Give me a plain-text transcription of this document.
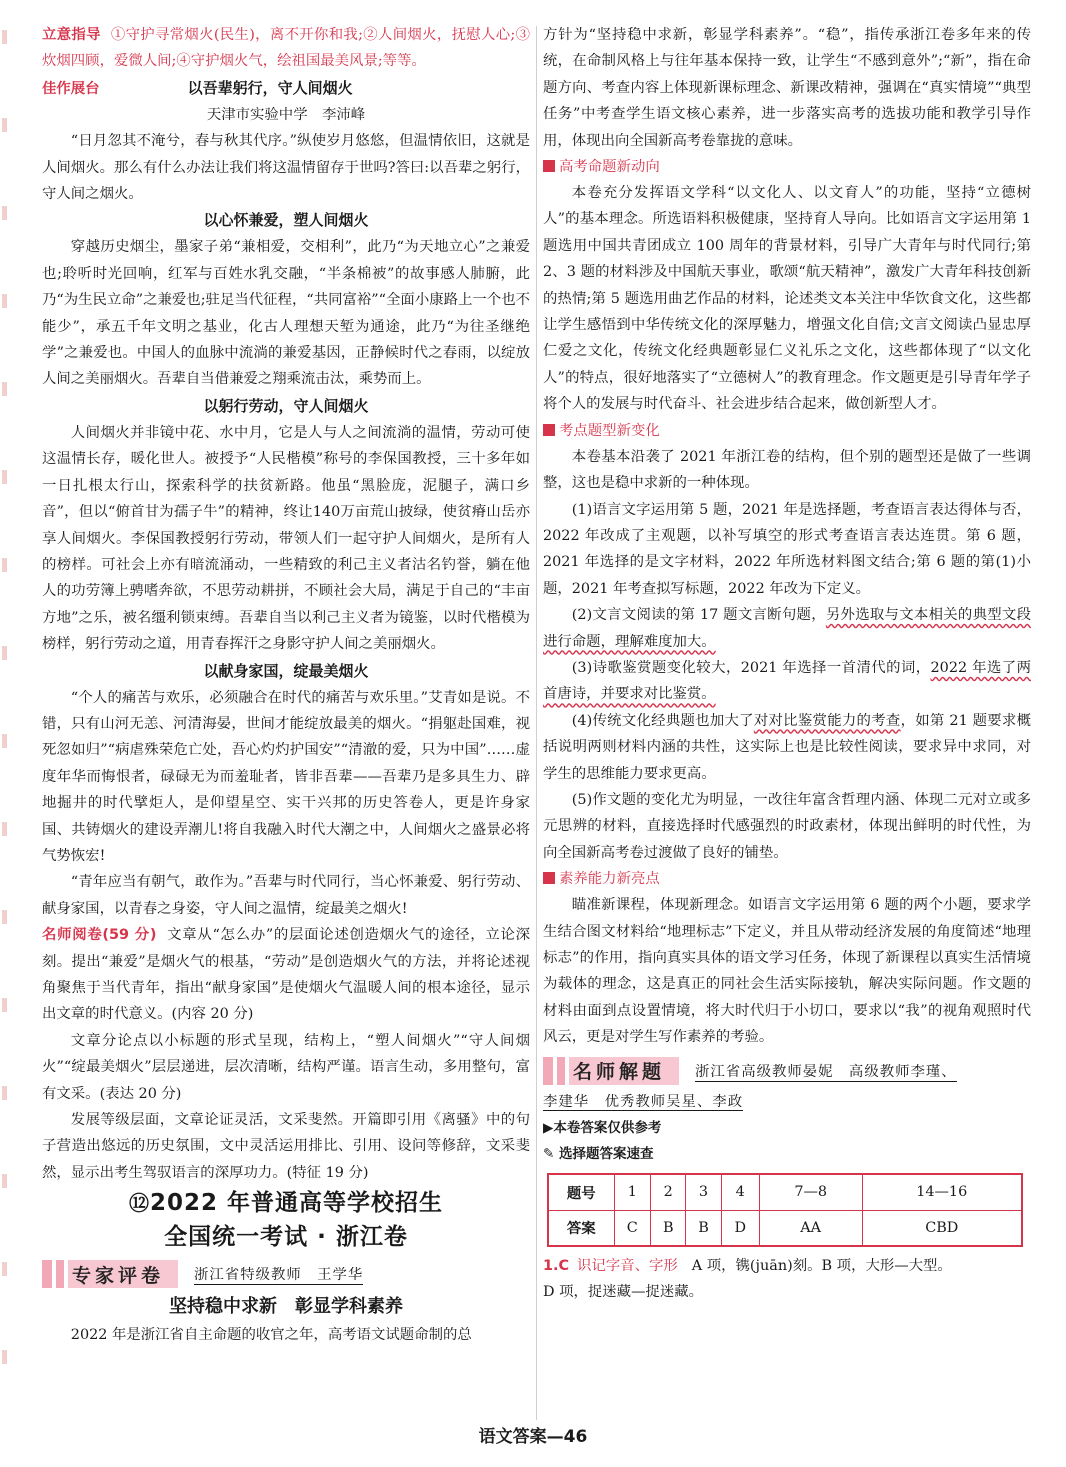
立意指导 ①守护寻常烟火(民生)，离不开你和我;②人间烟火，抚慰人心;③炊烟四顾，爱微人间;④守护烟火气，绘祖国最美风景;等等。

佳作展台	以吾辈躬行，守人间烟火

天津市实验中学　李沛峰

“日月忽其不淹兮，春与秋其代序。”纵使岁月悠悠，但温情依旧，这就是人间烟火。那么有什么办法让我们将这温情留存于世吗?答曰:以吾辈之躬行，守人间之烟火。

以心怀兼爱，塑人间烟火

穿越历史烟尘，墨家子弟“兼相爱，交相利”，此乃“为天地立心”之兼爱也;聆听时光回响，红军与百姓水乳交融，“半条棉被”的故事感人肺腑，此乃“为生民立命”之兼爱也;驻足当代征程，“共同富裕”“全面小康路上一个也不能少”，承五千年文明之基业，化古人理想天堑为通途，此乃“为往圣继绝学”之兼爱也。中国人的血脉中流淌的兼爱基因，正静候时代之春雨，以绽放人间之美丽烟火。吾辈自当借兼爱之翔乘流击汰，乘势而上。

以躬行劳动，守人间烟火

人间烟火并非镜中花、水中月，它是人与人之间流淌的温情，劳动可使这温情长存，暖化世人。被授予“人民楷模”称号的李保国教授，三十多年如一日扎根太行山，探索科学的扶贫新路。他虽“黑脸庞，泥腿子，满口乡音”，但以“俯首甘为孺子牛”的精神，终让140万亩荒山披绿，使贫瘠山岳亦享人间烟火。李保国教授躬行劳动，带领人们一起守护人间烟火，是所有人的榜样。可社会上亦有暗流涌动，一些精致的利己主义者沽名钓誉，躺在他人的功劳簿上骋嗜奔欲，不思劳动耕拼，不顾社会大局，满足于自己的“丰亩方地”之乐，被名缰利锁束缚。吾辈自当以利己主义者为镜鉴，以时代楷模为榜样，躬行劳动之道，用青春挥汗之身影守护人间之美丽烟火。

以献身家国，绽最美烟火

“个人的痛苦与欢乐，必须融合在时代的痛苦与欢乐里。”艾青如是说。不错，只有山河无恙、河清海晏，世间才能绽放最美的烟火。“捐躯赴国难，视死忽如归”“病虐殊荣危亡处，吾心灼灼护国安”“清澈的爱，只为中国”……虚度年华而悔恨者，碌碌无为而羞耻者，皆非吾辈——吾辈乃是多具生力、辟地掘井的时代擘炬人，是仰望星空、实干兴邦的历史答卷人，更是许身家国、共铸烟火的建设弄潮儿!将自我融入时代大潮之中，人间烟火之盛景必将气势恢宏!

“青年应当有朝气，敢作为。”吾辈与时代同行，当心怀兼爱、躬行劳动、献身家国，以青春之身姿，守人间之温情，绽最美之烟火!

名师阅卷(59 分) 文章从“怎么办”的层面论述创造烟火气的途径，立论深刻。提出“兼爱”是烟火气的根基，“劳动”是创造烟火气的方法，并将论述视角聚焦于当代青年，指出“献身家国”是使烟火气温暖人间的根本途径，显示出文章的时代意义。(内容 20 分)

文章分论点以小标题的形式呈现，结构上，“塑人间烟火”“守人间烟火”“绽最美烟火”层层递进，层次清晰，结构严谨。语言生动，多用整句，富有文采。(表达 20 分)

发展等级层面，文章论证灵活，文采斐然。开篇即引用《离骚》中的句子营造出悠远的历史氛围，文中灵活运用排比、引用、设问等修辞，文采斐然，显示出考生驾驭语言的深厚功力。(特征 19 分)

⑫2022 年普通高等学校招生
全国统一考试 · 浙江卷
专家评卷 浙江省特级教师　王学华

坚持稳中求新　彰显学科素养

2022 年是浙江省自主命题的收官之年，高考语文试题命制的总

方针为“坚持稳中求新，彰显学科素养”。“稳”，指传承浙江卷多年来的传统，在命制风格上与往年基本保持一致，让学生“不感到意外”;“新”，指在命题方向、考查内容上体现新课标理念、新课改精神，强调在“真实情境”“典型任务”中考查学生语文核心素养，进一步落实高考的选拔功能和教学引导作用，体现出向全国新高考卷靠拢的意味。

高考命题新动向

本卷充分发挥语文学科“以文化人、以文育人”的功能，坚持“立德树人”的基本理念。所选语料积极健康，坚持育人导向。比如语言文字运用第 1 题选用中国共青团成立 100 周年的背景材料，引导广大青年与时代同行;第 2、3 题的材料涉及中国航天事业，歌颂“航天精神”，激发广大青年科技创新的热情;第 5 题选用曲艺作品的材料，论述类文本关注中华饮食文化，这些都让学生感悟到中华传统文化的深厚魅力，增强文化自信;文言文阅读凸显忠厚仁爱之文化，传统文化经典题彰显仁义礼乐之文化，这些都体现了“以文化人”的特点，很好地落实了“立德树人”的教育理念。作文题更是引导青年学子将个人的发展与时代奋斗、社会进步结合起来，做创新型人才。

考点题型新变化

本卷基本沿袭了 2021 年浙江卷的结构，但个别的题型还是做了一些调整，这也是稳中求新的一种体现。

(1)语言文字运用第 5 题，2021 年是选择题，考查语言表达得体与否，2022 年改成了主观题，以补写填空的形式考查语言表达连贯。第 6 题，2021 年选择的是文字材料，2022 年所选材料图文结合;第 6 题的第(1)小题，2021 年考查拟写标题，2022 年改为下定义。

(2)文言文阅读的第 17 题文言断句题，另外选取与文本相关的典型文段进行命题，理解难度加大。

(3)诗歌鉴赏题变化较大，2021 年选择一首清代的词，2022 年选了两首唐诗，并要求对比鉴赏。

(4)传统文化经典题也加大了对对比鉴赏能力的考查，如第 21 题要求概括说明两则材料内涵的共性，这实际上也是比较性阅读，要求异中求同，对学生的思维能力要求更高。

(5)作文题的变化尤为明显，一改往年富含哲理内涵、体现二元对立或多元思辨的材料，直接选择时代感强烈的时政素材，体现出鲜明的时代性，为向全国新高考卷过渡做了良好的铺垫。

素养能力新亮点

瞄准新课程，体现新理念。如语言文字运用第 6 题的两个小题，要求学生结合图文材料给“地理标志”下定义，并且从带动经济发展的角度简述“地理标志”的作用，指向真实具体的语文学习任务，体现了新课程以真实生活情境为载体的理念，这是真正的同社会生活实际接轨，解决实际问题。作文题的材料由面到点设置情境，将大时代归于小切口，要求以“我”的视角观照时代风云，更是对学生写作素养的考验。

名师解题 浙江省高级教师晏妮　高级教师李瑾、

李建华　优秀教师吴星、李政

▶本卷答案仅供参考

✎ 选择题答案速查

题号	1	2	3	4	7—8	14—16
答案	C	B	B	D	AA	CBD

1.C 识记字音、字形 A 项，镌(juān)刻。B 项，大形—大型。

D 项，捉迷藏—捉迷藏。

语文答案—46
